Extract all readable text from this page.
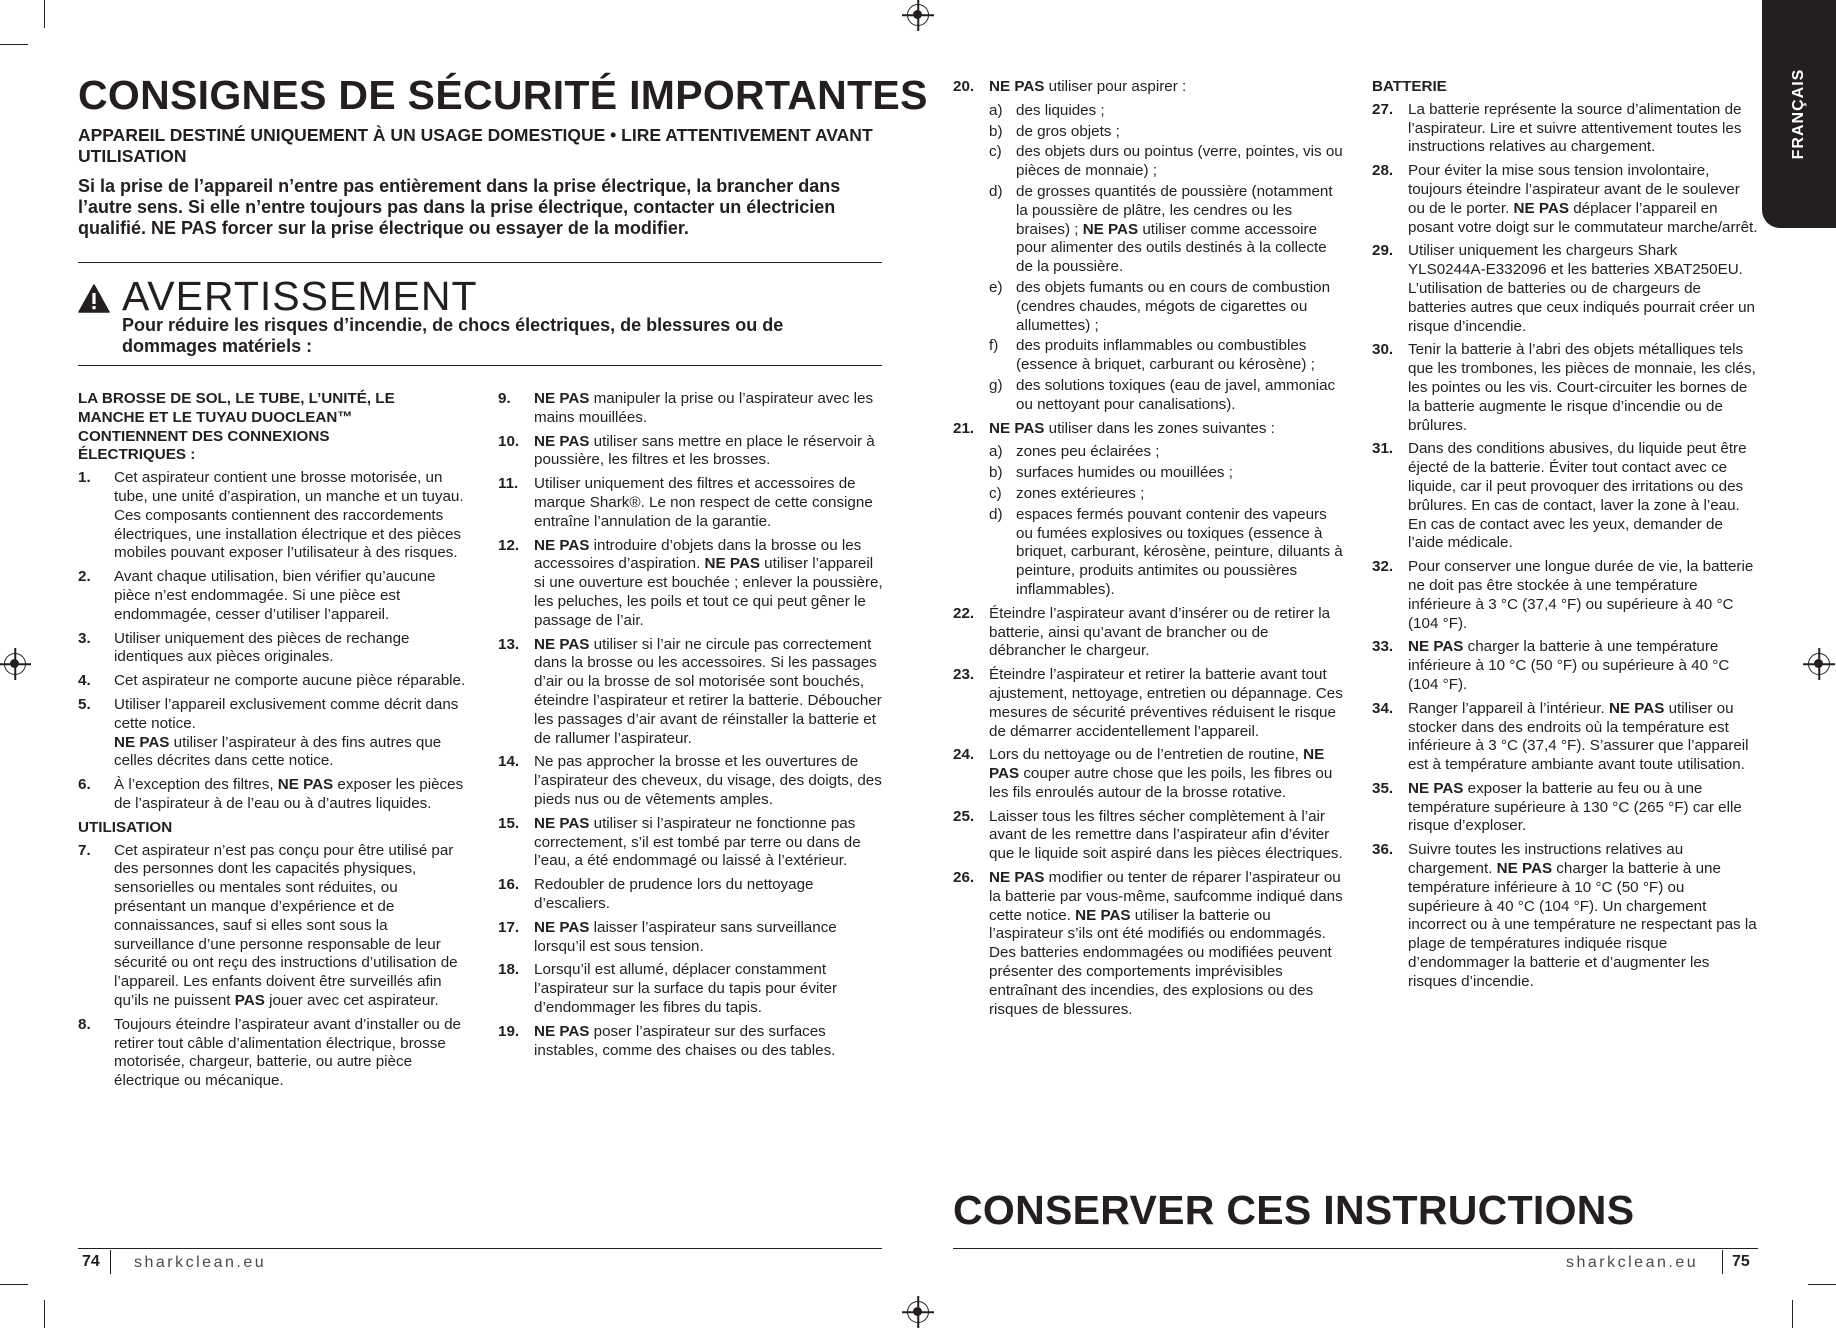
CONSIGNES DE SÉCURITÉ IMPORTANTES

APPAREIL DESTINÉ UNIQUEMENT À UN USAGE DOMESTIQUE • LIRE ATTENTIVEMENT AVANT UTILISATION

Si la prise de l’appareil n’entre pas entièrement dans la prise électrique, la brancher dans l’autre sens. Si elle n’entre toujours pas dans la prise électrique, contacter un électricien qualifié. NE PAS forcer sur la prise électrique ou essayer de la modifier.

AVERTISSEMENT
Pour réduire les risques d’incendie, de chocs électriques, de blessures ou de dommages matériels :
LA BROSSE DE SOL, LE TUBE, L’UNITÉ, LE MANCHE ET LE TUYAU DUOCLEAN™ CONTIENNENT DES CONNEXIONS ÉLECTRIQUES :
1.	Cet aspirateur contient une brosse motorisée, un tube, une unité d’aspiration, un manche et un tuyau. Ces composants contiennent des raccordements électriques, une installation électrique et des pièces mobiles pouvant exposer l’utilisateur à des risques.
2.	Avant chaque utilisation, bien vérifier qu’aucune pièce n’est endommagée. Si une pièce est endommagée, cesser d’utiliser l’appareil.
3.	Utiliser uniquement des pièces de rechange identiques aux pièces originales.
4.	Cet aspirateur ne comporte aucune pièce réparable.
5.	Utiliser l’appareil exclusivement comme décrit dans cette notice.
NE PAS utiliser l’aspirateur à des fins autres que celles décrites dans cette notice.
6.	À l’exception des filtres, NE PAS exposer les pièces de l’aspirateur à de l’eau ou à d’autres liquides.
UTILISATION
7.	Cet aspirateur n’est pas conçu pour être utilisé par des personnes dont les capacités physiques, sensorielles ou mentales sont réduites, ou présentant un manque d’expérience et de connaissances, sauf si elles sont sous la surveillance d’une personne responsable de leur sécurité ou ont reçu des instructions d’utilisation de l’appareil. Les enfants doivent être surveillés afin qu’ils ne puissent PAS jouer avec cet aspirateur.
8.	Toujours éteindre l’aspirateur avant d’installer ou de retirer tout câble d’alimentation électrique, brosse motorisée, chargeur, batterie, ou autre pièce électrique ou mécanique.
9.	NE PAS manipuler la prise ou l’aspirateur avec les mains mouillées.
10. NE PAS utiliser sans mettre en place le réservoir à poussière, les filtres et les brosses.
11.	Utiliser uniquement des filtres et accessoires de marque Shark®. Le non respect de cette consigne entraîne l’annulation de la garantie.
12. NE PAS introduire d’objets dans la brosse ou les accessoires d’aspiration. NE PAS utiliser l’appareil si une ouverture est bouchée ; enlever la poussière, les peluches, les poils et tout ce qui peut gêner le passage de l’air.
13. NE PAS utiliser si l’air ne circule pas correctement dans la brosse ou les accessoires. Si les passages d’air ou la brosse de sol motorisée sont bouchés, éteindre l’aspirateur et retirer la batterie. Déboucher les passages d’air avant de réinstaller la batterie et de rallumer l’aspirateur.
14. Ne pas approcher la brosse et les ouvertures de l’aspirateur des cheveux, du visage, des doigts, des pieds nus ou de vêtements amples.
15. NE PAS utiliser si l’aspirateur ne fonctionne pas correctement, s’il est tombé par terre ou dans de l’eau, a été endommagé ou laissé à l’extérieur.
16. Redoubler de prudence lors du nettoyage d’escaliers.
17. NE PAS laisser l’aspirateur sans surveillance lorsqu’il est sous tension.
18. Lorsqu’il est allumé, déplacer constamment l’aspirateur sur la surface du tapis pour éviter d’endommager les fibres du tapis.
19. NE PAS poser l’aspirateur sur des surfaces instables, comme des chaises ou des tables.
74 sharkclean.eu
20. NE PAS utiliser pour aspirer :
a) des liquides ;
b) de gros objets ;
c) des objets durs ou pointus (verre, pointes, vis ou pièces de monnaie) ;
d) de grosses quantités de poussière (notamment la poussière de plâtre, les cendres ou les braises) ; NE PAS utiliser comme accessoire pour alimenter des outils destinés à la collecte de la poussière.
e) des objets fumants ou en cours de combustion (cendres chaudes, mégots de cigarettes ou allumettes) ;
f)	des produits inflammables ou combustibles (essence à briquet, carburant ou kérosène) ;
g) des solutions toxiques (eau de javel, ammoniac ou nettoyant pour canalisations).
21. NE PAS utiliser dans les zones suivantes :
a) zones peu éclairées ;
b) surfaces humides ou mouillées ;
c) zones extérieures ;
d) espaces fermés pouvant contenir des vapeurs ou fumées explosives ou toxiques (essence à briquet, carburant, kérosène, peinture, diluants à peinture, produits antimites ou poussières inflammables).
22. Éteindre l’aspirateur avant d’insérer ou de retirer la batterie, ainsi qu’avant de brancher ou de débrancher le chargeur.
23. Éteindre l’aspirateur et retirer la batterie avant tout ajustement, nettoyage, entretien ou dépannage. Ces mesures de sécurité préventives réduisent le risque de démarrer accidentellement l’appareil.
24. Lors du nettoyage ou de l’entretien de routine, NE PAS couper autre chose que les poils, les fibres ou les fils enroulés autour de la brosse rotative.
25. Laisser tous les filtres sécher complètement à l’air avant de les remettre dans l’aspirateur afin d’éviter que le liquide soit aspiré dans les pièces électriques.
26. NE PAS modifier ou tenter de réparer l’aspirateur ou la batterie par vous-même, saufcomme indiqué dans cette notice. NE PAS utiliser la batterie ou l’aspirateur s’ils ont été modifiés ou endommagés. Des batteries endommagées ou modifiées peuvent présenter des comportements imprévisibles entraînant des incendies, des explosions ou des risques de blessures.
BATTERIE
27. La batterie représente la source d’alimentation de l’aspirateur. Lire et suivre attentivement toutes les instructions relatives au chargement.
28. Pour éviter la mise sous tension involontaire, toujours éteindre l’aspirateur avant de le soulever ou de le porter. NE PAS déplacer l’appareil en posant votre doigt sur le commutateur marche/arrêt.
29. Utiliser uniquement les chargeurs Shark YLS0244A-E332096 et les batteries XBAT250EU. L’utilisation de batteries ou de chargeurs de batteries autres que ceux indiqués pourrait créer un risque d’incendie.
30. Tenir la batterie à l’abri des objets métalliques tels que les trombones, les pièces de monnaie, les clés, les pointes ou les vis. Court-circuiter les bornes de la batterie augmente le risque d’incendie ou de brûlures.
31. Dans des conditions abusives, du liquide peut être éjecté de la batterie. Éviter tout contact avec ce liquide, car il peut provoquer des irritations ou des brûlures. En cas de contact, laver la zone à l’eau. En cas de contact avec les yeux, demander de l’aide médicale.
32. Pour conserver une longue durée de vie, la batterie ne doit pas être stockée à une température inférieure à 3 °C (37,4 °F) ou supérieure à 40 °C (104 °F).
33. NE PAS charger la batterie à une température inférieure à 10 °C (50 °F) ou supérieure à 40 °C (104 °F).
34. Ranger l’appareil à l’intérieur. NE PAS utiliser ou stocker dans des endroits où la température est inférieure à 3 °C (37,4 °F). S’assurer que l’appareil est à température ambiante avant toute utilisation.
35. NE PAS exposer la batterie au feu ou à une température supérieure à 130 °C (265 °F) car elle risque d’exploser.
36. Suivre toutes les instructions relatives au chargement. NE PAS charger la batterie à une température inférieure à 10 °C (50 °F) ou supérieure à 40 °C (104 °F). Un chargement incorrect ou à une température ne respectant pas la plage de températures indiquée risque d’endommager la batterie et d’augmenter les risques d’incendie.
FRANÇAIS
CONSERVER CES INSTRUCTIONS
sharkclean.eu 75
